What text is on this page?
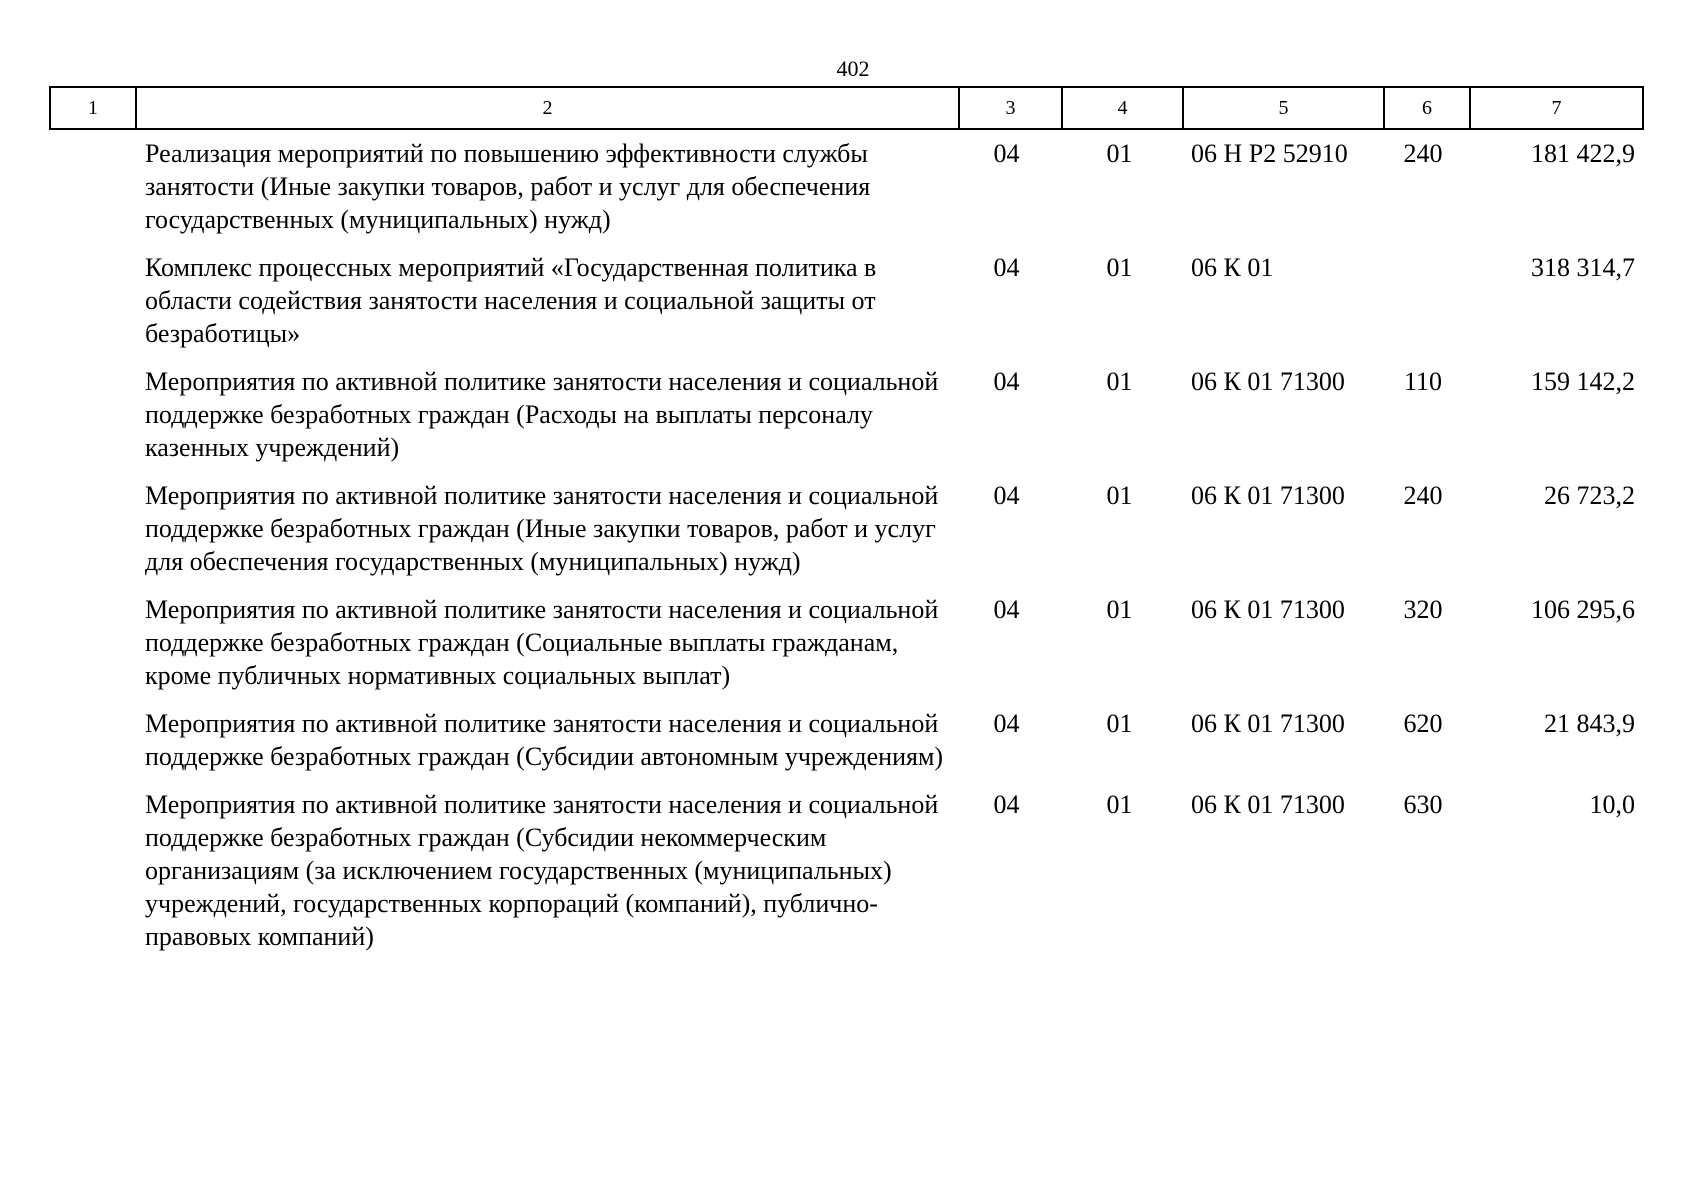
402
1	2	3	4	5	6	7
	Реализация мероприятий по повышению эффективности службы занятости (Иные закупки товаров, работ и услуг для обеспечения государственных (муниципальных) нужд)	04	01	06 Н Р2 52910	240	181 422,9
	Комплекс процессных мероприятий «Государственная политика в области содействия занятости населения и социальной защиты от безработицы»	04	01	06 К 01		318 314,7
	Мероприятия по активной политике занятости населения и социальной поддержке безработных граждан (Расходы на выплаты персоналу казенных учреждений)	04	01	06 К 01 71300	110	159 142,2
	Мероприятия по активной политике занятости населения и социальной поддержке безработных граждан (Иные закупки товаров, работ и услуг для обеспечения государственных (муниципальных) нужд)	04	01	06 К 01 71300	240	26 723,2
	Мероприятия по активной политике занятости населения и социальной поддержке безработных граждан (Социальные выплаты гражданам, кроме публичных нормативных социальных выплат)	04	01	06 К 01 71300	320	106 295,6
	Мероприятия по активной политике занятости населения и социальной поддержке безработных граждан (Субсидии автономным учреждениям)	04	01	06 К 01 71300	620	21 843,9
	Мероприятия по активной политике занятости населения и социальной поддержке безработных граждан (Субсидии некоммерческим организациям (за исключением государственных (муниципальных) учреждений, государственных корпораций (компаний), публично-правовых компаний)	04	01	06 К 01 71300	630	10,0
